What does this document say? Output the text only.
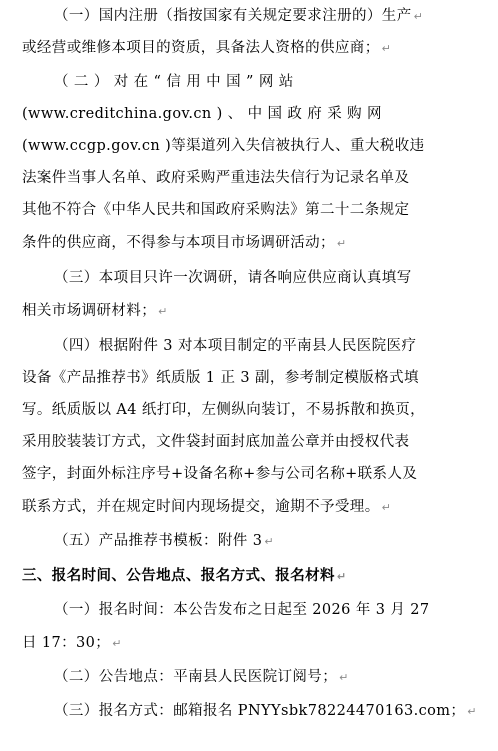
（一）国内注册（指按国家有关规定要求注册的）生产 ↵
或经营或维修本项目的资质，具备法人资格的供应商； ↵
（ 二 ） 对 在 “ 信 用 中 国 ” 网 站
(www.creditchina.gov.cn ) 、 中 国 政 府 采 购 网
(www.ccgp.gov.cn )等渠道列入失信被执行人、重大税收违
法案件当事人名单、政府采购严重违法失信行为记录名单及
其他不符合《中华人民共和国政府采购法》第二十二条规定
条件的供应商，不得参与本项目市场调研活动； ↵
（三）本项目只许一次调研，请各响应供应商认真填写
相关市场调研材料； ↵
（四）根据附件 3 对本项目制定的平南县人民医院医疗
设备《产品推荐书》纸质版 1 正 3 副，参考制定模版格式填
写。纸质版以 A4 纸打印，左侧纵向装订，不易拆散和换页，
采用胶装装订方式，文件袋封面封底加盖公章并由授权代表
签字，封面外标注序号+设备名称+参与公司名称+联系人及
联系方式，并在规定时间内现场提交，逾期不予受理。 ↵
（五）产品推荐书模板：附件 3 ↵
三、报名时间、公告地点、报名方式、报名材料 ↵
（一）报名时间：本公告发布之日起至 2026 年 3 月 27
日 17：30； ↵
（二）公告地点：平南县人民医院订阅号； ↵
（三）报名方式：邮箱报名 PNYYsbk78224470163.com； ↵
